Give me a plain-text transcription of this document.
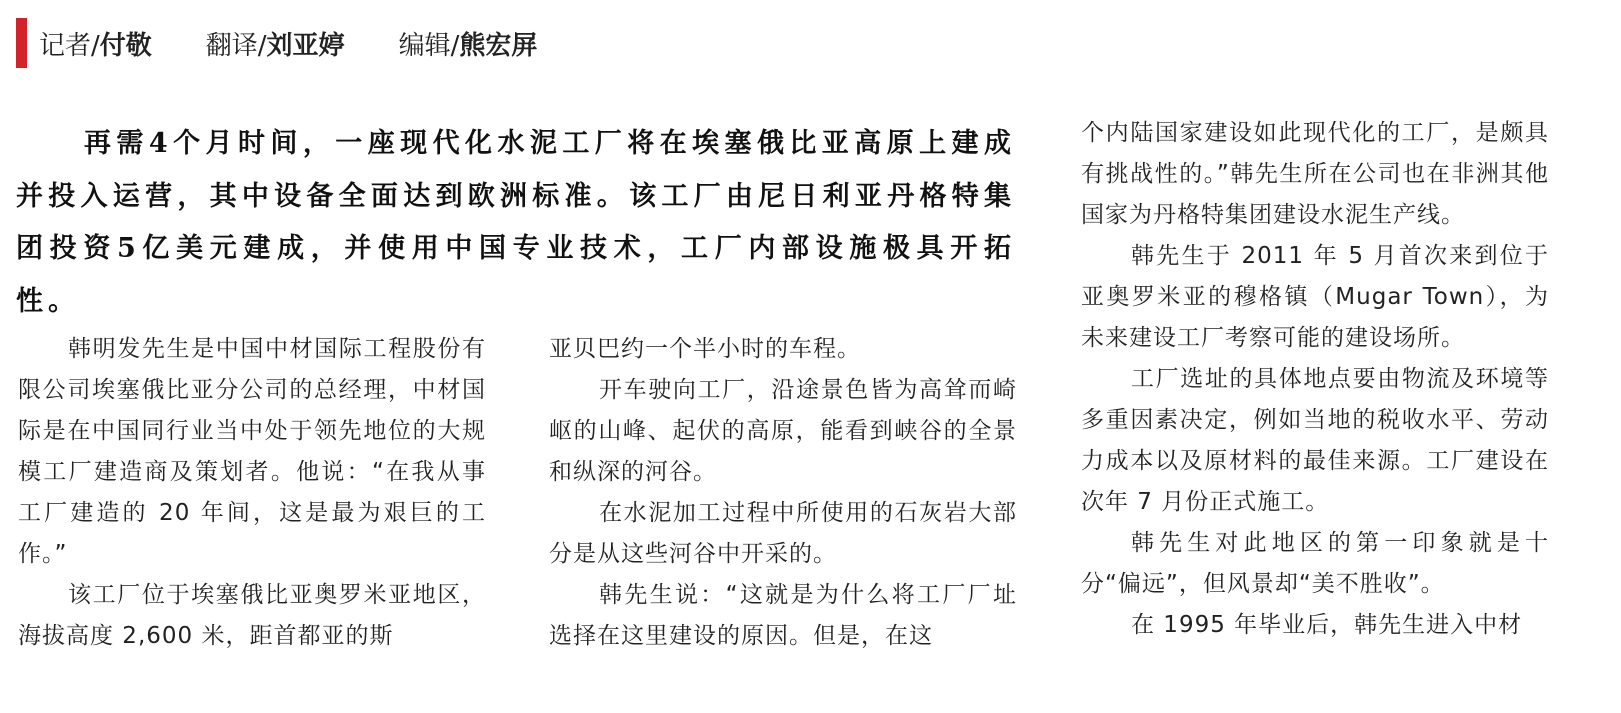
记者/付敬 翻译/刘亚婷 编辑/熊宏屏

再需4个月时间，一座现代化水泥工厂将在埃塞俄比亚高原上建成并投入运营，其中设备全面达到欧洲标准。该工厂由尼日利亚丹格特集团投资5亿美元建成，并使用中国专业技术，工厂内部设施极具开拓性。

韩明发先生是中国中材国际工程股份有限公司埃塞俄比亚分公司的总经理，中材国际是在中国同行业当中处于领先地位的大规模工厂建造商及策划者。他说：“在我从事工厂建造的 20 年间，这是最为艰巨的工作。”

该工厂位于埃塞俄比亚奥罗米亚地区，海拔高度 2,600 米，距首都亚的斯

亚贝巴约一个半小时的车程。

开车驶向工厂，沿途景色皆为高耸而崎岖的山峰、起伏的高原，能看到峡谷的全景和纵深的河谷。

在水泥加工过程中所使用的石灰岩大部分是从这些河谷中开采的。

韩先生说：“这就是为什么将工厂厂址选择在这里建设的原因。但是，在这

个内陆国家建设如此现代化的工厂，是颇具有挑战性的。”韩先生所在公司也在非洲其他国家为丹格特集团建设水泥生产线。

韩先生于 2011 年 5 月首次来到位于亚奥罗米亚的穆格镇（Mugar Town），为未来建设工厂考察可能的建设场所。

工厂选址的具体地点要由物流及环境等多重因素决定，例如当地的税收水平、劳动力成本以及原材料的最佳来源。工厂建设在次年 7 月份正式施工。

韩先生对此地区的第一印象就是十分“偏远”，但风景却“美不胜收”。

在 1995 年毕业后，韩先生进入中材
